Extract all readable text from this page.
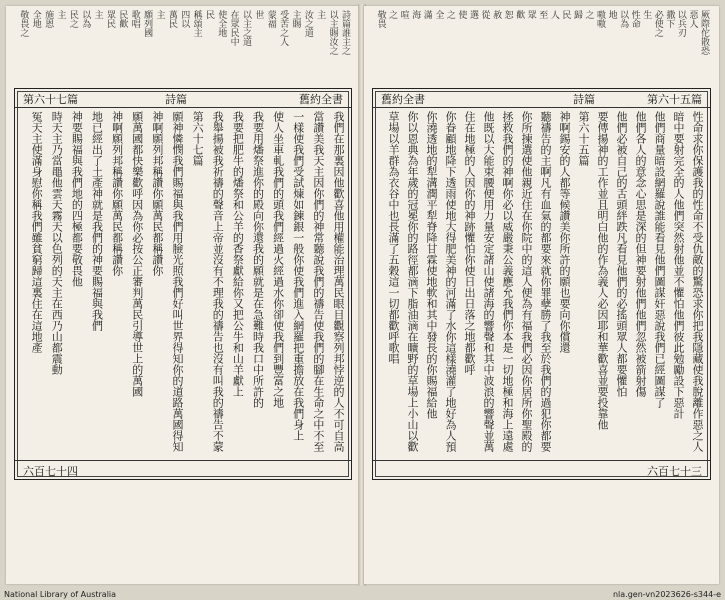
詩篇誰主之
以主賜汝之
主
汝之道
主賜
受苦之人
蒙福
世
以主之道
在眾民中
使全地
民
稱頌主
四以
萬民
主
願列國
歌唱
民歡
眾民
主
以為
民之
主
施恩
全地
敬畏之
舊約全書
詩篇
第六十七篇
我們在那裏因他歡喜他用權能治理萬民眼目觀察列邦悖逆的人不可自高
當讚美我天主因你們的神常聽說我們的禱告使我們的腳在生命之中不至
一樣使我們受試煉如鍊銀一般你使我們進入網羅把重擔放在我們身上
使人坐車軋我們的頭我們經過火經過水你卻使我們到豐富之地
我要用燔祭進你的殿向你還我的願就是在急難時我口中所許的
我要把肥牛的燔祭和公羊的香祭獻給你又把公牛和山羊獻上
我舉揚被我祈禱的聲音上帝並沒有不理我的禱告也沒有叫我的禱告不蒙
第六十七篇
願神憐憫我們賜福與我們用臉光照我們好叫世界得知你的道路萬國得知
神啊願列邦稱讚你願萬民都稱讚你
願萬國都快樂歡呼因為你必按公正審判萬民引導世上的萬國
神啊願列邦稱讚你願萬民都稱讚你
地已經出了土產神就是我們的神要賜福與我們
神要賜福與我們地的四極都要敬畏他
時天主乃當黽他雲天霧天以色列的天主在西乃山都震動
冤天主使滿身慰你稱我們雖貧窮歸這裏住在這地產
六百七十四
厥際佗散恐
惡人
以兵刃
撒下
必使之
生
性命
以為
地
嗷嗷
之
歸
民
人
至
眾
歡
恕
赦
從
選
使
之
全
滿
海
喧
之
敬畏
舊約全書	詩篇	第六十五篇
性命求你保護我的性命不受仇敵的驚恐求你把我隱藏使我脫離作惡之人
暗中要射完全的人他們突然射他並不懼怕他們彼此勉勵設下惡計
他們商量暗設網羅說誰能看見他們圖謀奸惡說我們已經圖謀了
他們各人的意念心思是深的但神要射他們他們忽然被箭射傷
他們必被自己的舌頭絆跌凡看見他們的必搖頭眾人都要懼怕
要傳揚神的工作並且明白他的作為義人必因耶和華歡喜並要投靠他
第六十五篇
神啊錫安的人都等候讚美你所許的願也要向你償還
聽禱告的主啊凡有血氣的都要來就你罪孽勝了我至於我們的過犯你都要
你所揀選使他親近住在你院中的這人便為有福我們必因你居所你聖殿的
拯救我們的神啊你必以威嚴秉公義應允我們你本是一切地極和海上遠處
他既以大能束腰便用力量安定諸山使諸海的響聲和其中波浪的響聲並萬
住在地極的人因你的神跡懼怕你使日出日落之地都歡呼
你眷顧地降下透雨使地大得肥美神的河滿了水你這樣澆灌了地好為人預
你澆透地的犁溝潤平犁脊降甘霖使地軟和其中發長的你賜福給他
你以恩典為年歲的冠冕你的路徑都滴下脂油滴在曠野的草場上小山以歡
草場以羊群為衣谷中也長滿了五穀這一切都歡呼歌唱
六百七十三
National Library of Australia	nla.gen-vn2023626-s344-e
